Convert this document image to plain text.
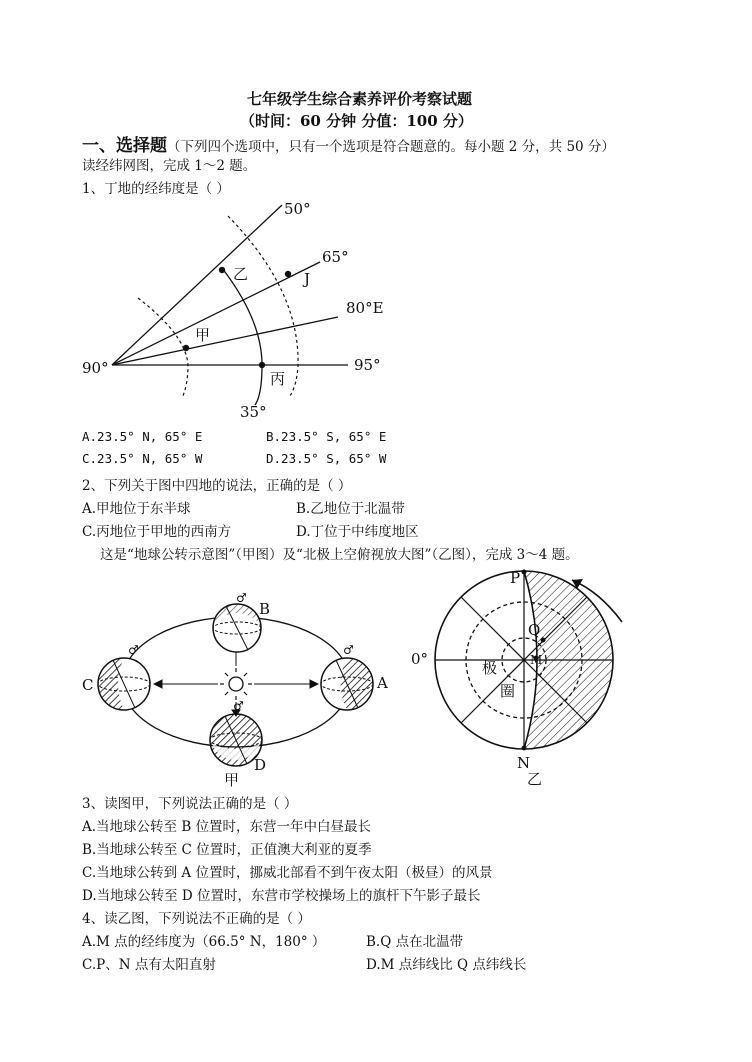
七年级学生综合素养评价考察试题
（时间：60 分钟 分值：100 分）
一、选择题（下列四个选项中，只有一个选项是符合题意的。每小题 2 分，共 50 分）
读经纬网图，完成 1～2 题。
1、丁地的经纬度是（ ）
50°
65°
80°E
95°
90°
35°
乙	J
甲
丙
A.23.5° N, 65° E	B.23.5° S, 65° E
C.23.5° N, 65° W	D.23.5° S, 65° W
2、下列关于图中四地的说法，正确的是（ ）
A.甲地位于东半球	B.乙地位于北温带
C.丙地位于甲地的西南方	D.丁位于中纬度地区
这是“地球公转示意图”（甲图）及“北极上空俯视放大图”（乙图），完成 3～4 题。
B
♂
A
♂
C
♂
D
♂
甲
P
Q
M
N
0°	极
圈
乙
3、读图甲，下列说法正确的是（ ）
A.当地球公转至 B 位置时，东营一年中白昼最长
B.当地球公转至 C 位置时，正值澳大利亚的夏季
C.当地球公转到 A 位置时，挪威北部看不到午夜太阳（极昼）的风景
D.当地球公转至 D 位置时，东营市学校操场上的旗杆下午影子最长
4、读乙图，下列说法不正确的是（ ）
A.M 点的经纬度为（66.5° N，180° ）	B.Q 点在北温带
C.P、N 点有太阳直射	D.M 点纬线比 Q 点纬线长
